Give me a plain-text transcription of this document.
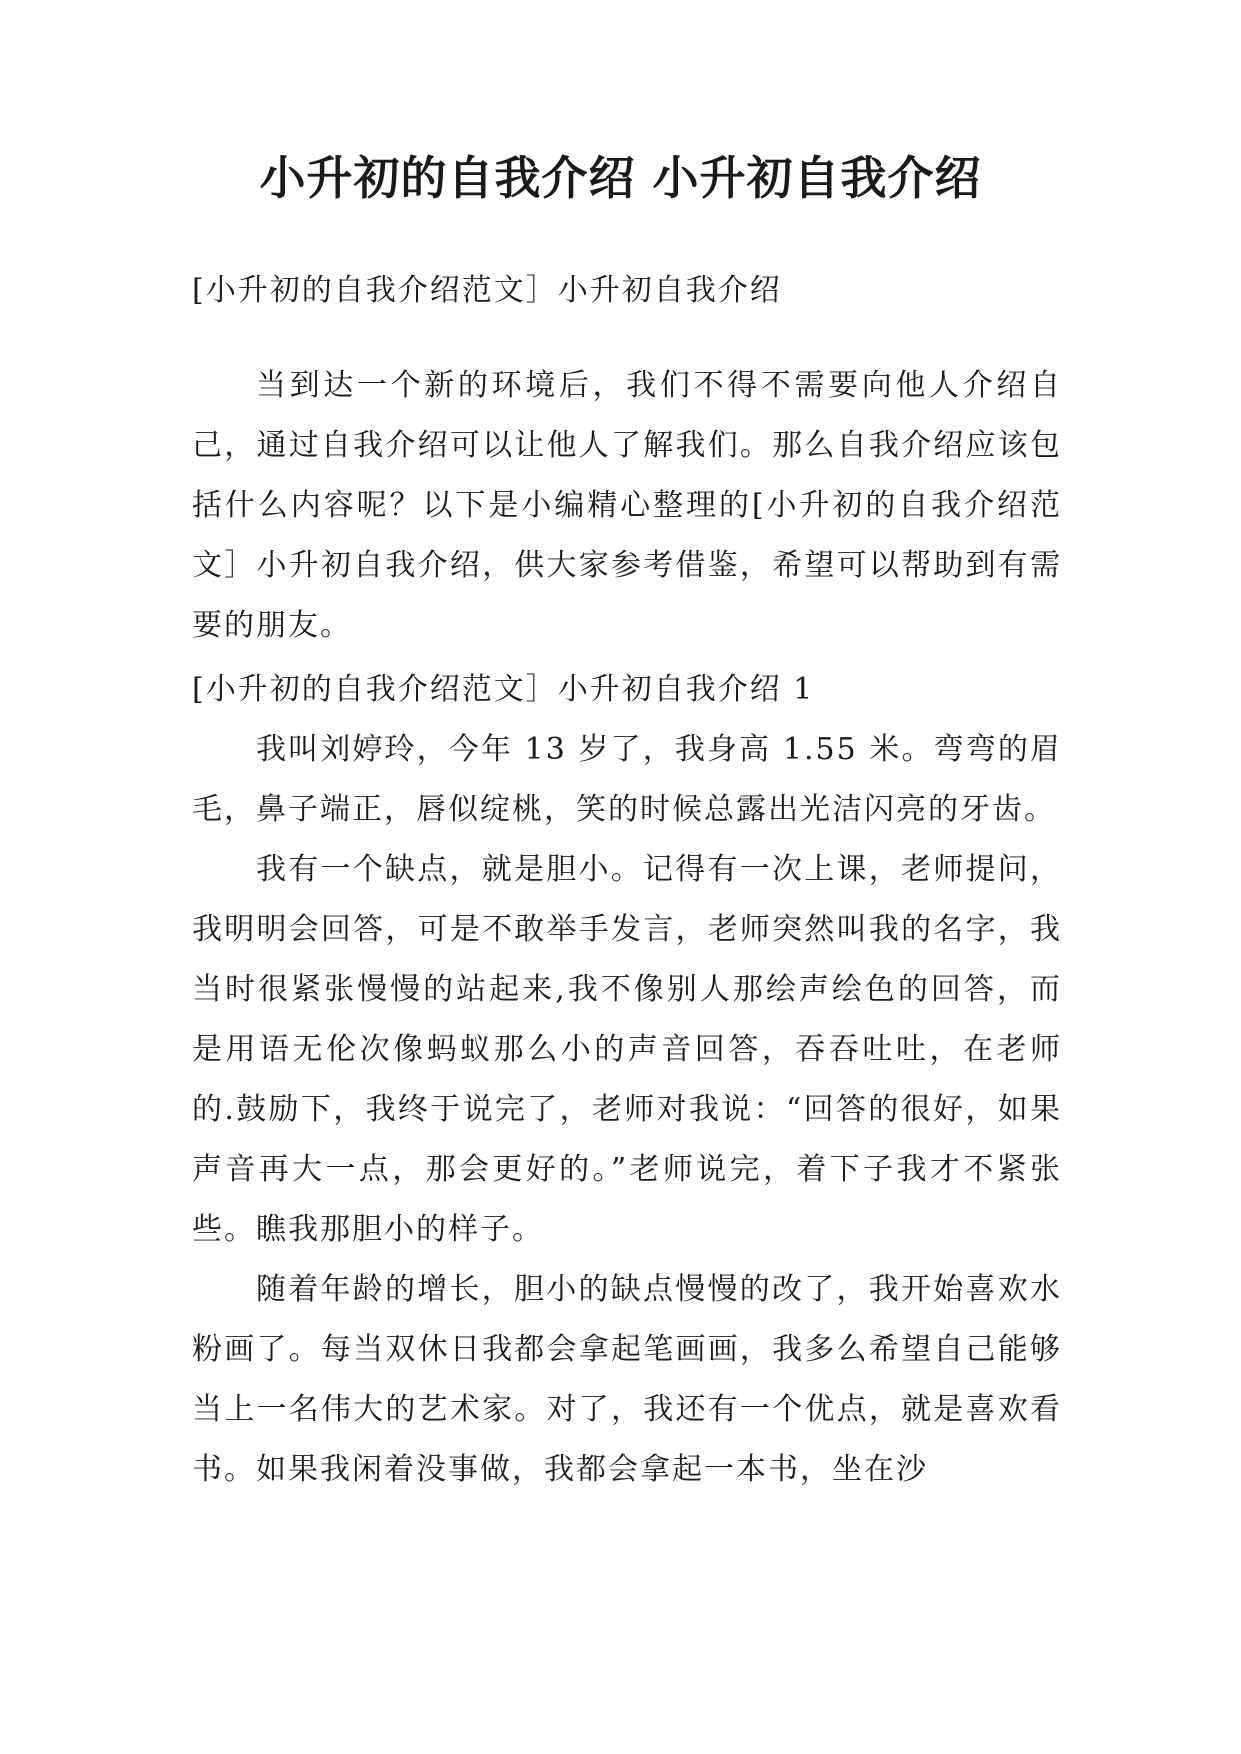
小升初的自我介绍 小升初自我介绍

[小升初的自我介绍范文］小升初自我介绍

当到达一个新的环境后，我们不得不需要向他人介绍自己，通过自我介绍可以让他人了解我们。那么自我介绍应该包括什么内容呢？以下是小编精心整理的[小升初的自我介绍范文］小升初自我介绍，供大家参考借鉴，希望可以帮助到有需要的朋友。

[小升初的自我介绍范文］小升初自我介绍 1

我叫刘婷玲，今年 13 岁了，我身高 1.55 米。弯弯的眉毛，鼻子端正，唇似绽桃，笑的时候总露出光洁闪亮的牙齿。

我有一个缺点，就是胆小。记得有一次上课，老师提问，我明明会回答，可是不敢举手发言，老师突然叫我的名字，我当时很紧张慢慢的站起来,我不像别人那绘声绘色的回答，而是用语无伦次像蚂蚁那么小的声音回答，吞吞吐吐，在老师的.鼓励下，我终于说完了，老师对我说：“回答的很好，如果声音再大一点，那会更好的。”老师说完，着下子我才不紧张些。瞧我那胆小的样子。

随着年龄的增长，胆小的缺点慢慢的改了，我开始喜欢水粉画了。每当双休日我都会拿起笔画画，我多么希望自己能够当上一名伟大的艺术家。对了，我还有一个优点，就是喜欢看书。如果我闲着没事做，我都会拿起一本书，坐在沙
